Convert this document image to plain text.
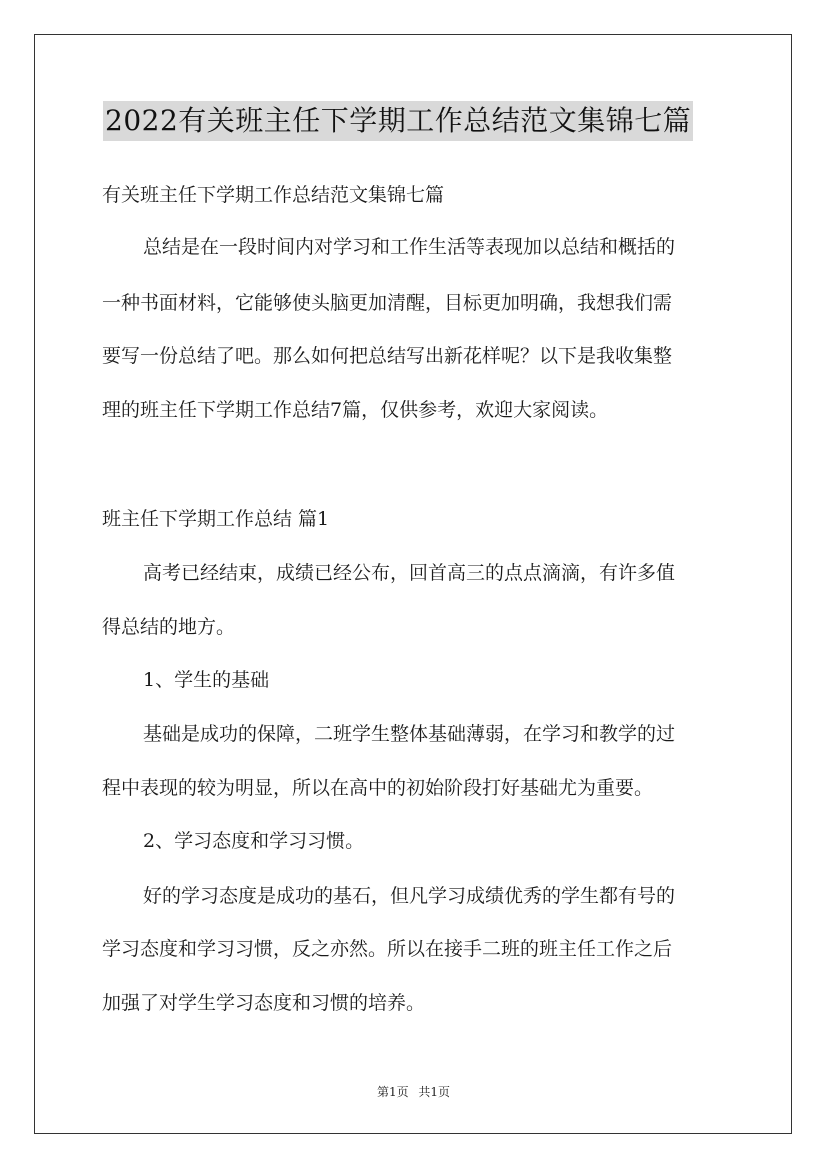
2022有关班主任下学期工作总结范文集锦七篇
有关班主任下学期工作总结范文集锦七篇
总结是在一段时间内对学习和工作生活等表现加以总结和概括的
一种书面材料，它能够使头脑更加清醒，目标更加明确，我想我们需
要写一份总结了吧。那么如何把总结写出新花样呢？以下是我收集整
理的班主任下学期工作总结7篇，仅供参考，欢迎大家阅读。
班主任下学期工作总结 篇1
高考已经结束，成绩已经公布，回首高三的点点滴滴，有许多值
得总结的地方。
1、学生的基础
基础是成功的保障，二班学生整体基础薄弱，在学习和教学的过
程中表现的较为明显，所以在高中的初始阶段打好基础尤为重要。
2、学习态度和学习习惯。
好的学习态度是成功的基石，但凡学习成绩优秀的学生都有号的
学习态度和学习习惯，反之亦然。所以在接手二班的班主任工作之后
加强了对学生学习态度和习惯的培养。
第1页 共1页
